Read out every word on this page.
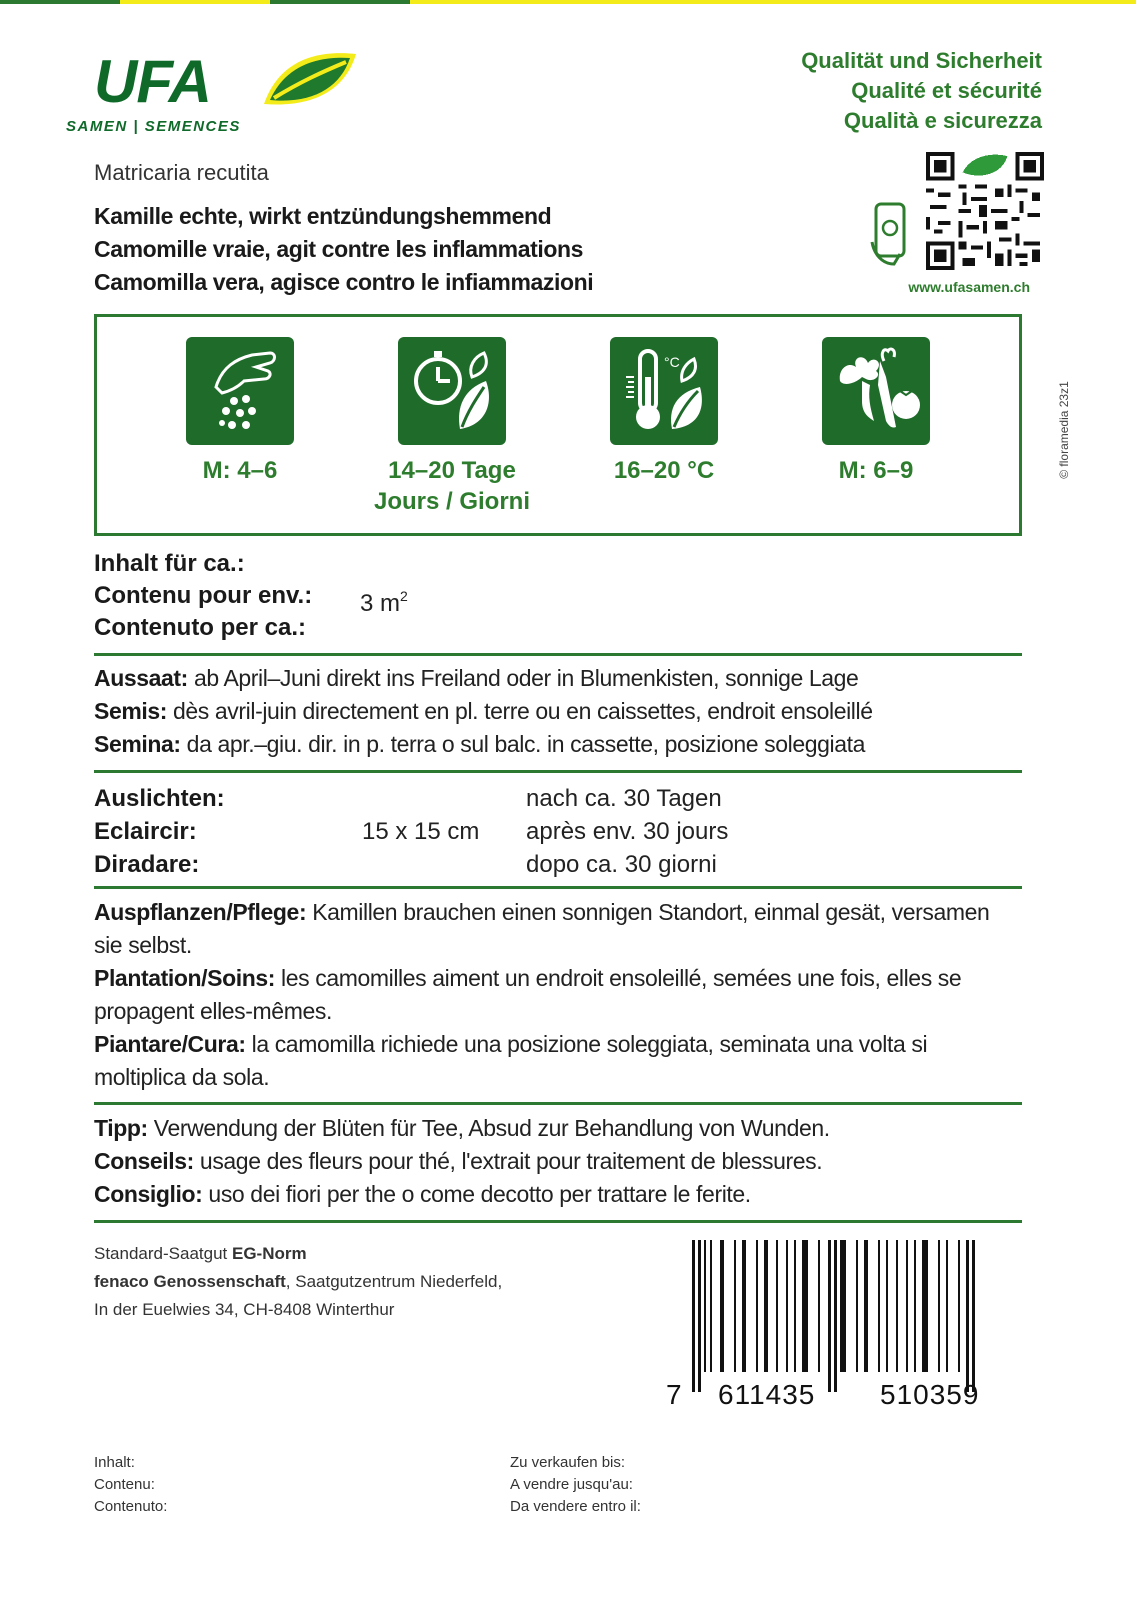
UFA
SAMEN | SEMENCES
Qualität und Sicherheit
Qualité et sécurité
Qualità e sicurezza
www.ufasamen.ch
Matricaria recutita
Kamille echte, wirkt entzündungshemmend
Camomille vraie, agit contre les inflammations
Camomilla vera, agisce contro le infiammazioni
© floramedia 23z1
M: 4–6	14–20 Tage
Jours / Giorni
°C
16–20 °C	M: 6–9
Inhalt für ca.:
Contenu pour env.:
Contenuto per ca.:
3 $m^2$
Aussaat: ab April–Juni direkt ins Freiland oder in Blumenkisten, sonnige Lage
Semis: dès avril-juin directement en pl. terre ou en caissettes, endroit ensoleillé
Semina: da apr.–giu. dir. in p. terra o sul balc. in cassette, posizione soleggiata
Auslichten:
Eclaircir:
Diradare:
15 x 15 cm
nach ca. 30 Tagen
après env. 30 jours
dopo ca. 30 giorni
Auspflanzen/Pflege: Kamillen brauchen einen sonnigen Standort, einmal gesät, versamen sie selbst.
Plantation/Soins: les camomilles aiment un endroit ensoleillé, semées une fois, elles se propagent elles-mêmes.
Piantare/Cura: la camomilla richiede una posizione soleggiata, seminata una volta si moltiplica da sola.
Tipp: Verwendung der Blüten für Tee, Absud zur Behandlung von Wunden.
Conseils: usage des fleurs pour thé, l'extrait pour traitement de blessures.
Consiglio: uso dei fiori per the o come decotto per trattare le ferite.
Standard-Saatgut EG-Norm
fenaco Genossenschaft, Saatgutzentrum Niederfeld,
In der Euelwies 34, CH-8408 Winterthur
7 611435 510359
Inhalt:
Contenu:
Contenuto:
Zu verkaufen bis:
A vendre jusqu'au:
Da vendere entro il:
